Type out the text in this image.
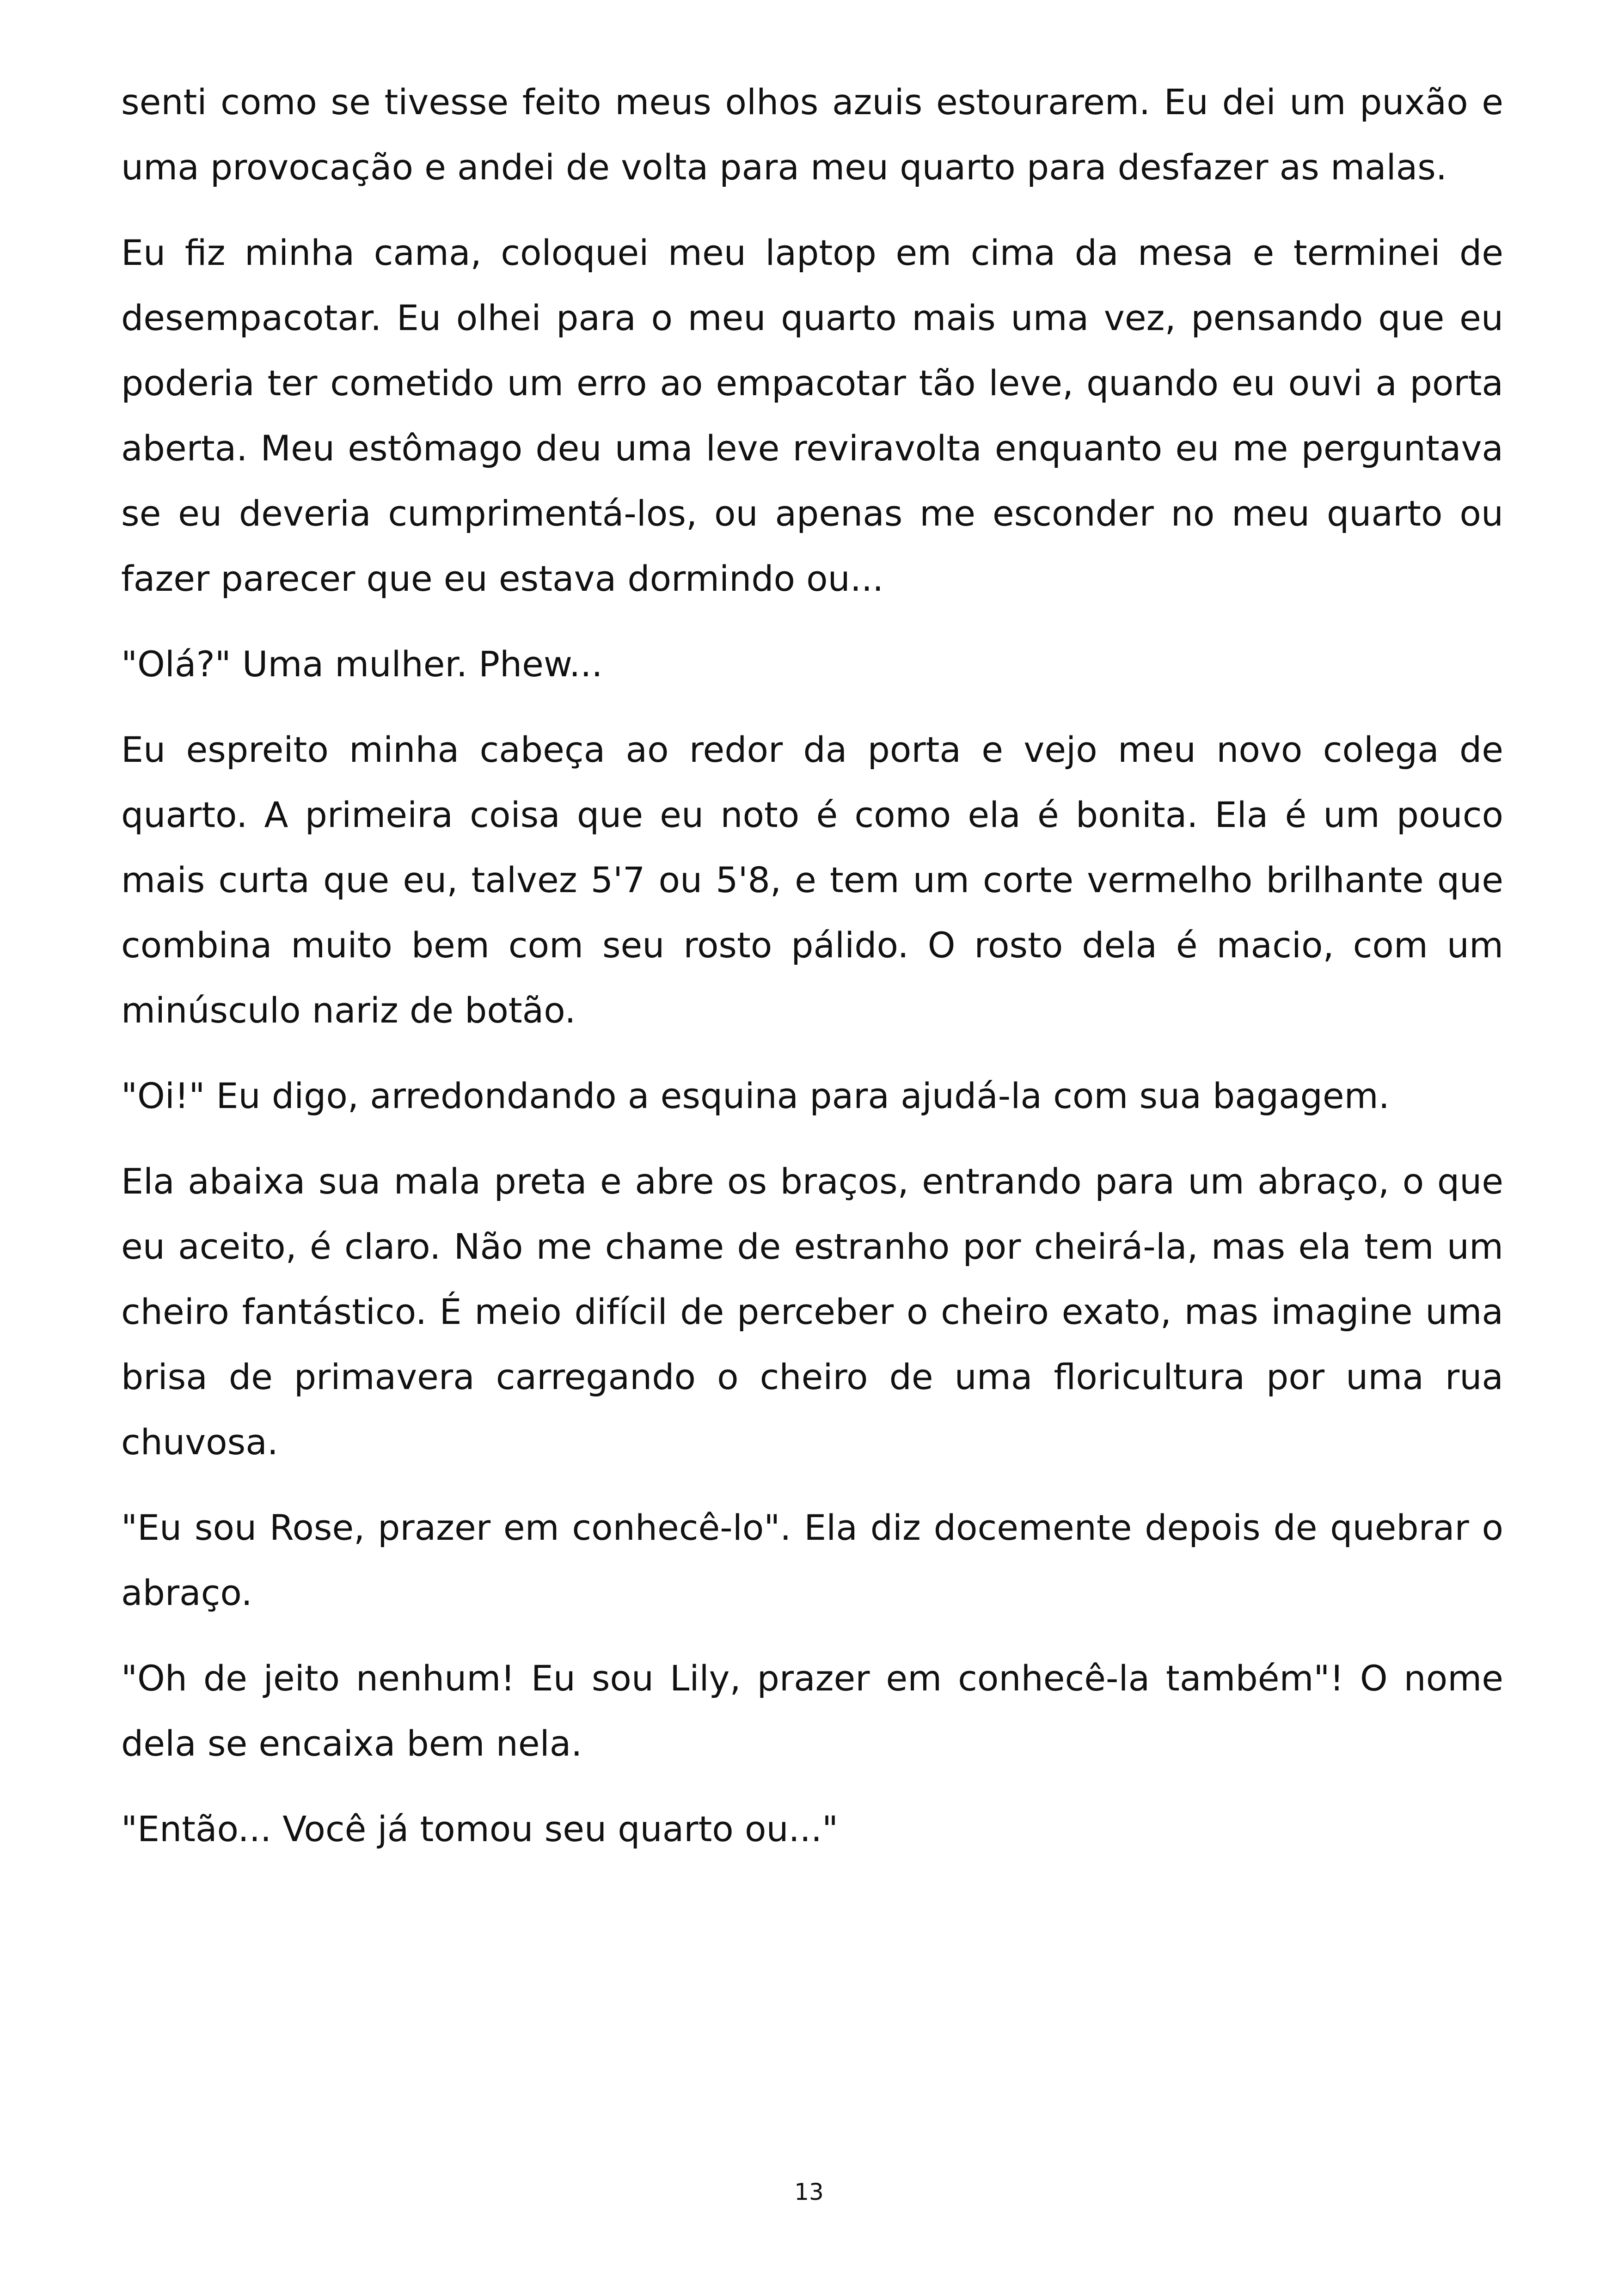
senti como se tivesse feito meus olhos azuis estourarem. Eu dei um puxão e uma provocação e andei de volta para meu quarto para desfazer as malas.

Eu fiz minha cama, coloquei meu laptop em cima da mesa e terminei de desempacotar. Eu olhei para o meu quarto mais uma vez, pensando que eu poderia ter cometido um erro ao empacotar tão leve, quando eu ouvi a porta aberta. Meu estômago deu uma leve reviravolta enquanto eu me perguntava se eu deveria cumprimentá-los, ou apenas me esconder no meu quarto ou fazer parecer que eu estava dormindo ou...

"Olá?" Uma mulher. Phew...

Eu espreito minha cabeça ao redor da porta e vejo meu novo colega de quarto. A primeira coisa que eu noto é como ela é bonita. Ela é um pouco mais curta que eu, talvez 5'7 ou 5'8, e tem um corte vermelho brilhante que combina muito bem com seu rosto pálido. O rosto dela é macio, com um minúsculo nariz de botão.

"Oi!" Eu digo, arredondando a esquina para ajudá-la com sua bagagem.

Ela abaixa sua mala preta e abre os braços, entrando para um abraço, o que eu aceito, é claro. Não me chame de estranho por cheirá-la, mas ela tem um cheiro fantástico. É meio difícil de perceber o cheiro exato, mas imagine uma brisa de primavera carregando o cheiro de uma floricultura por uma rua chuvosa.

"Eu sou Rose, prazer em conhecê-lo". Ela diz docemente depois de quebrar o abraço.

"Oh de jeito nenhum! Eu sou Lily, prazer em conhecê-la também"! O nome dela se encaixa bem nela.

"Então... Você já tomou seu quarto ou..."

13
